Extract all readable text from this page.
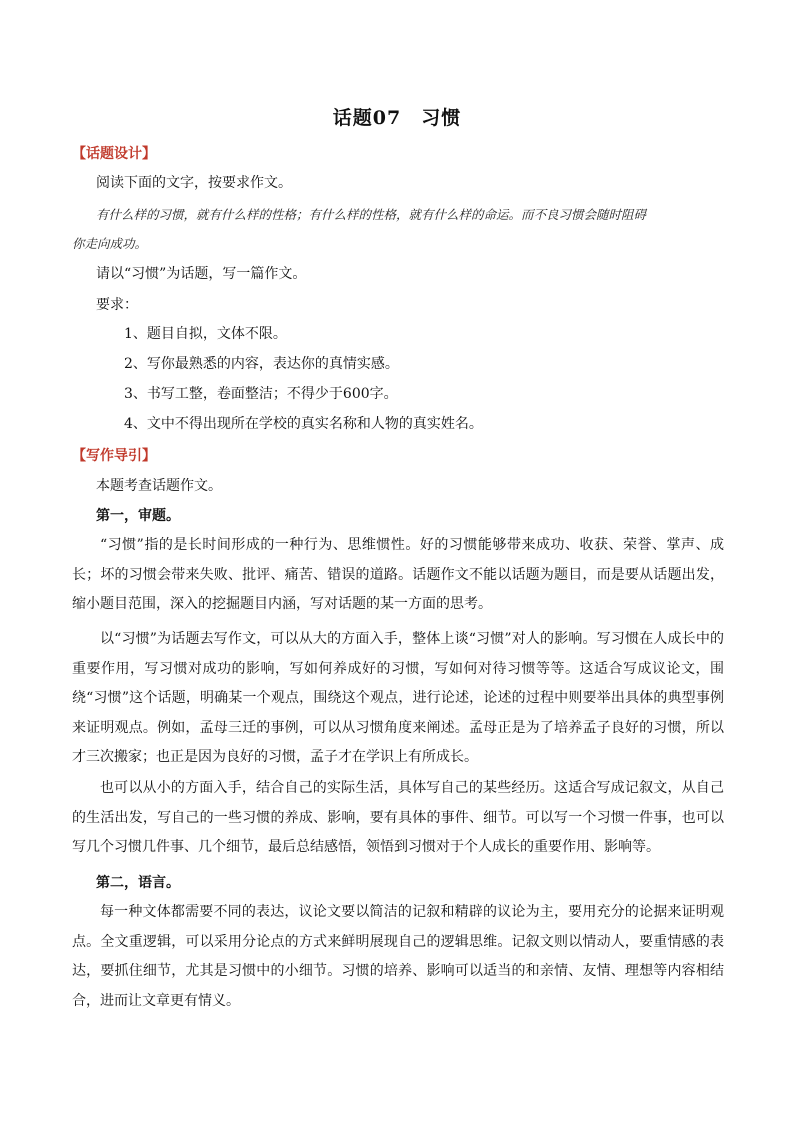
话题07　习惯
【话题设计】
阅读下面的文字，按要求作文。
有什么样的习惯，就有什么样的性格；有什么样的性格，就有什么样的命运。而不良习惯会随时阻碍
你走向成功。
请以“习惯”为话题，写一篇作文。
要求：
1、题目自拟，文体不限。
2、写你最熟悉的内容，表达你的真情实感。
3、书写工整，卷面整洁；不得少于600字。
4、文中不得出现所在学校的真实名称和人物的真实姓名。
【写作导引】
本题考查话题作文。
第一，审题。
“习惯”指的是长时间形成的一种行为、思维惯性。好的习惯能够带来成功、收获、荣誉、掌声、成长；坏的习惯会带来失败、批评、痛苦、错误的道路。话题作文不能以话题为题目，而是要从话题出发，缩小题目范围，深入的挖掘题目内涵，写对话题的某一方面的思考。
以“习惯”为话题去写作文，可以从大的方面入手，整体上谈“习惯”对人的影响。写习惯在人成长中的重要作用，写习惯对成功的影响，写如何养成好的习惯，写如何对待习惯等等。这适合写成议论文，围绕“习惯”这个话题，明确某一个观点，围绕这个观点，进行论述，论述的过程中则要举出具体的典型事例来证明观点。例如，孟母三迁的事例，可以从习惯角度来阐述。孟母正是为了培养孟子良好的习惯，所以才三次搬家；也正是因为良好的习惯，孟子才在学识上有所成长。
也可以从小的方面入手，结合自己的实际生活，具体写自己的某些经历。这适合写成记叙文，从自己的生活出发，写自己的一些习惯的养成、影响，要有具体的事件、细节。可以写一个习惯一件事，也可以写几个习惯几件事、几个细节，最后总结感悟，领悟到习惯对于个人成长的重要作用、影响等。
第二，语言。
每一种文体都需要不同的表达，议论文要以简洁的记叙和精辟的议论为主，要用充分的论据来证明观点。全文重逻辑，可以采用分论点的方式来鲜明展现自己的逻辑思维。记叙文则以情动人，要重情感的表达，要抓住细节，尤其是习惯中的小细节。习惯的培养、影响可以适当的和亲情、友情、理想等内容相结合，进而让文章更有情义。
